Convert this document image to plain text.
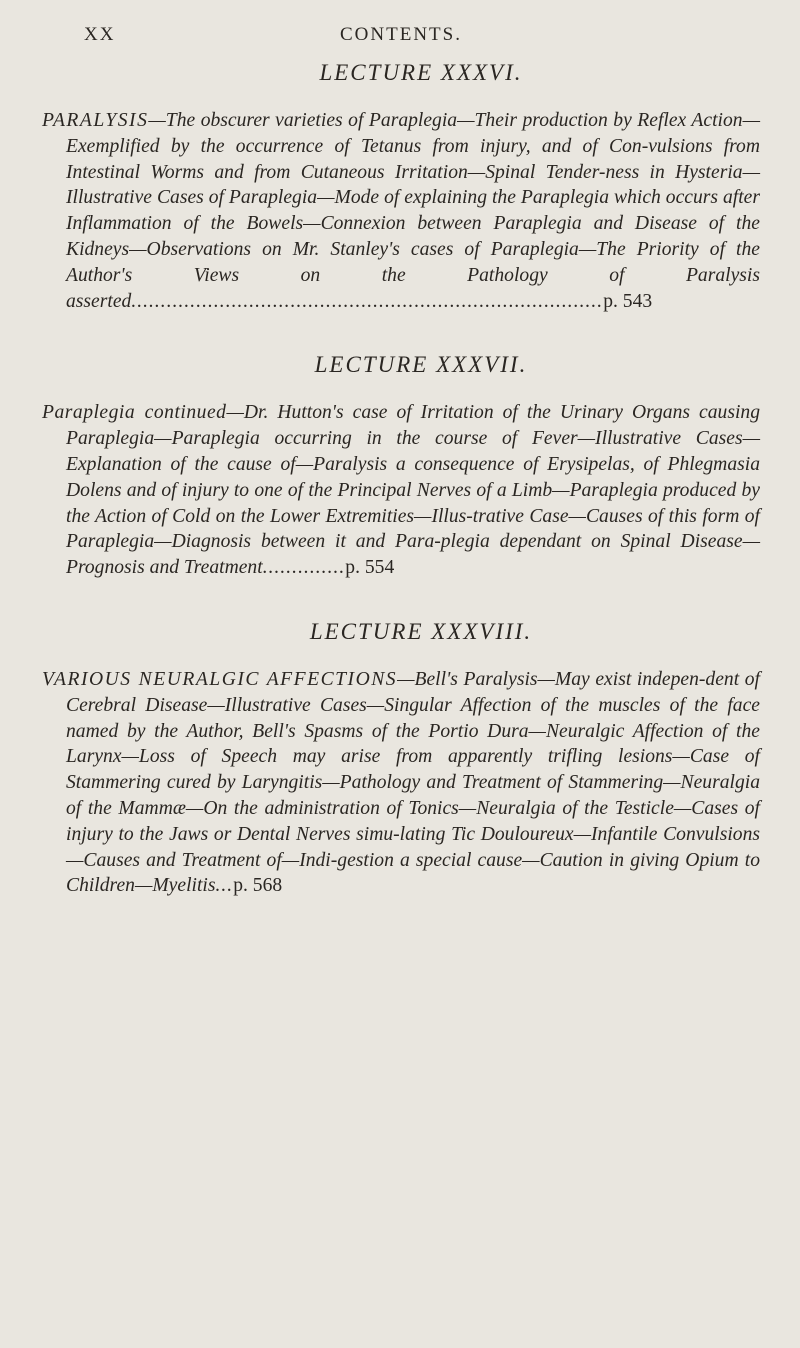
XX	CONTENTS.
LECTURE XXXVI.

PARALYSIS—The obscurer varieties of Paraplegia—Their production by Reflex Action—Exemplified by the occurrence of Tetanus from injury, and of Con-vulsions from Intestinal Worms and from Cutaneous Irritation—Spinal Tender-ness in Hysteria—Illustrative Cases of Paraplegia—Mode of explaining the Paraplegia which occurs after Inflammation of the Bowels—Connexion between Paraplegia and Disease of the Kidneys—Observations on Mr. Stanley's cases of Paraplegia—The Priority of the Author's Views on the Pathology of Paralysis asserted................................................................................p. 543

LECTURE XXXVII.

Paraplegia continued—Dr. Hutton's case of Irritation of the Urinary Organs causing Paraplegia—Paraplegia occurring in the course of Fever—Illustrative Cases—Explanation of the cause of—Paralysis a consequence of Erysipelas, of Phlegmasia Dolens and of injury to one of the Principal Nerves of a Limb—Paraplegia produced by the Action of Cold on the Lower Extremities—Illus-trative Case—Causes of this form of Paraplegia—Diagnosis between it and Para-plegia dependant on Spinal Disease—Prognosis and Treatment..............p. 554

LECTURE XXXVIII.

VARIOUS NEURALGIC AFFECTIONS—Bell's Paralysis—May exist indepen-dent of Cerebral Disease—Illustrative Cases—Singular Affection of the muscles of the face named by the Author, Bell's Spasms of the Portio Dura—Neuralgic Affection of the Larynx—Loss of Speech may arise from apparently trifling lesions—Case of Stammering cured by Laryngitis—Pathology and Treatment of Stammering—Neuralgia of the Mammæ—On the administration of Tonics—Neuralgia of the Testicle—Cases of injury to the Jaws or Dental Nerves simu-lating Tic Douloureux—Infantile Convulsions—Causes and Treatment of—Indi-gestion a special cause—Caution in giving Opium to Children—Myelitis...p. 568
